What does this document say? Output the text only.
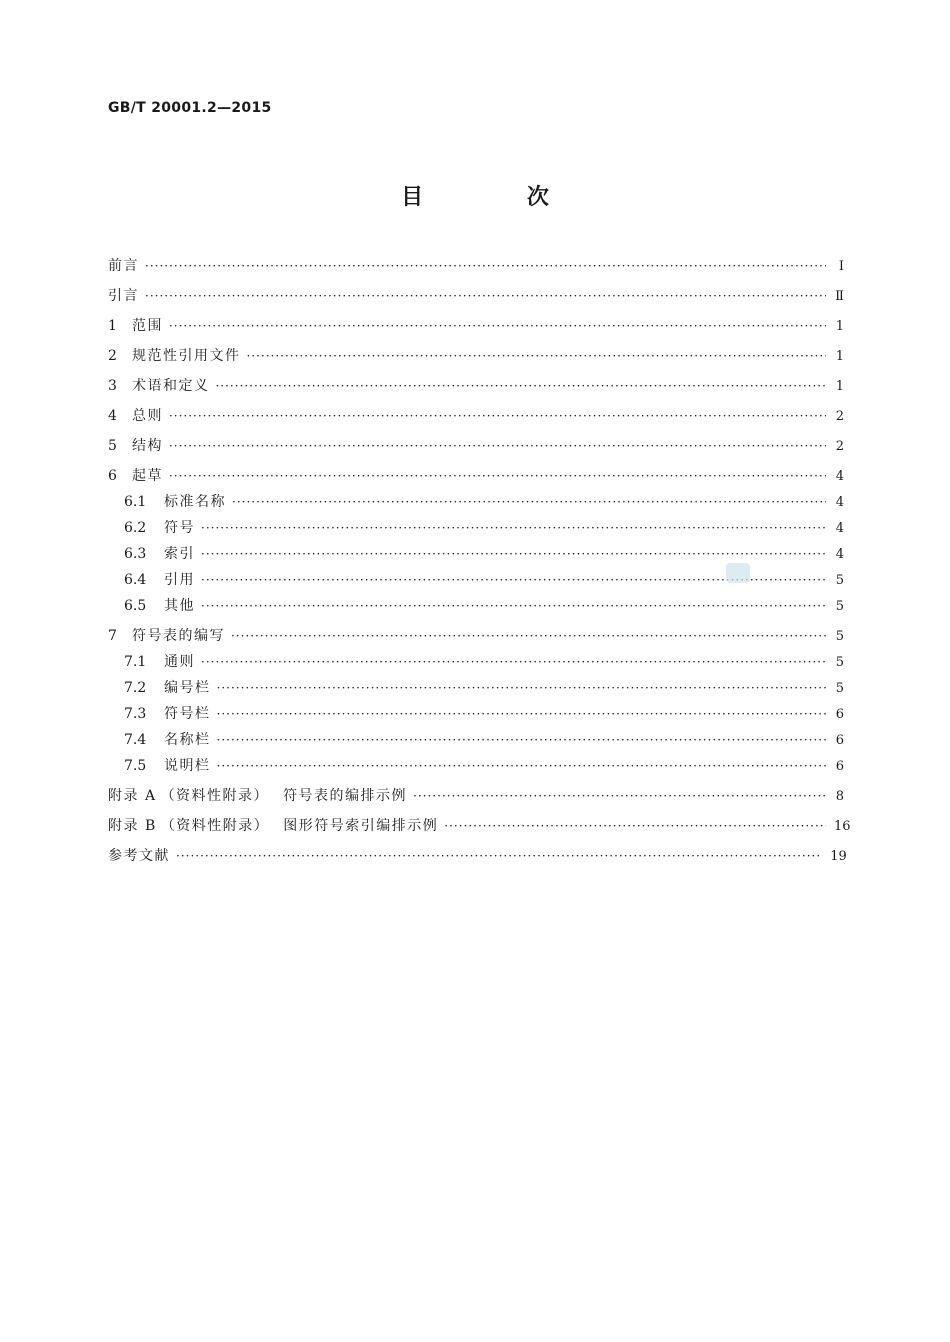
GB/T 20001.2—2015
目 次
前言 ·····	Ⅰ
引言 ·····	Ⅱ
1 范围 ·····	1
2 规范性引用文件 ·····	1
3 术语和定义 ·····	1
4 总则 ·····	2
5 结构 ·····	2
6 起草 ·····	4
6.1 标准名称 ·····	4
6.2 符号 ·····	4
6.3 索引 ·····	4
6.4 引用 ·····	5
6.5 其他 ·····	5
7 符号表的编写 ·····	5
7.1 通则 ·····	5
7.2 编号栏 ·····	5
7.3 符号栏 ·····	6
7.4 名称栏 ·····	6
7.5 说明栏 ·····	6
附录 A （资料性附录） 符号表的编排示例 ·····	8
附录 B （资料性附录） 图形符号索引编排示例 ·····	16
参考文献 ·····	19
